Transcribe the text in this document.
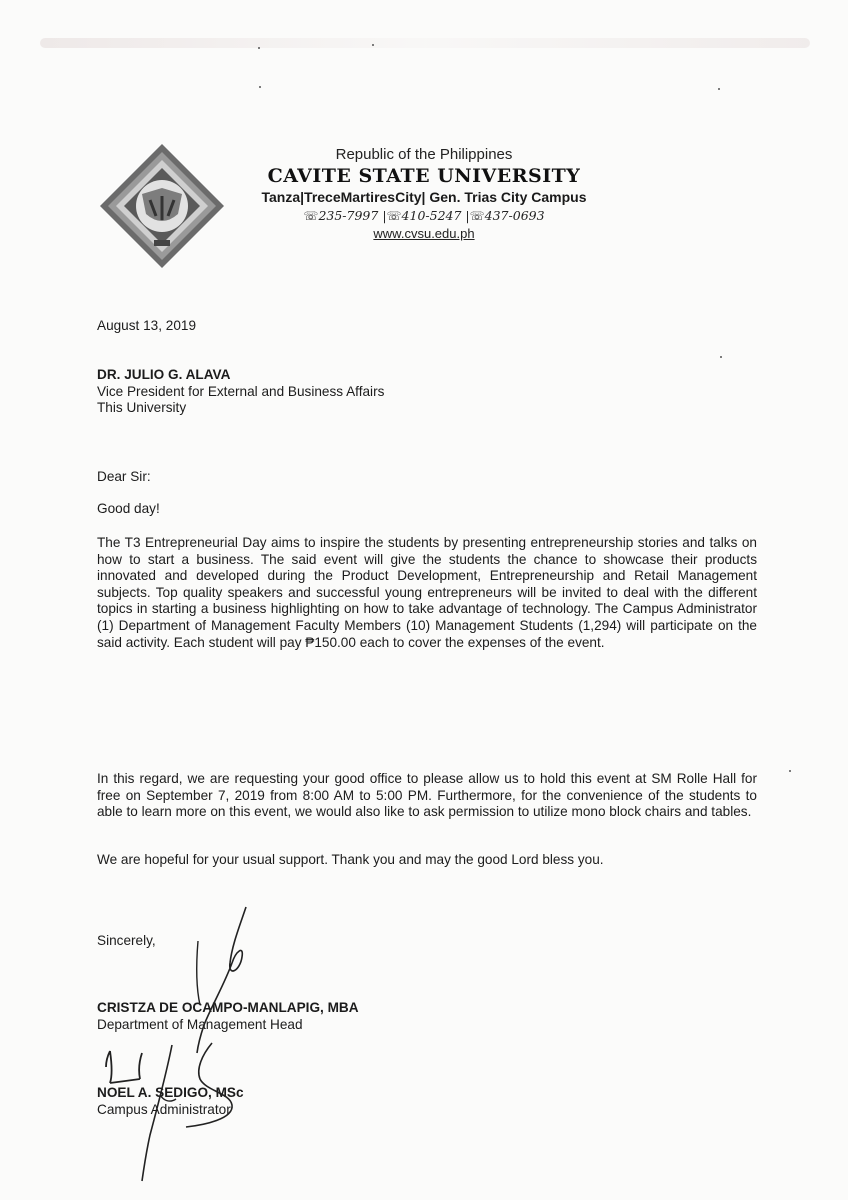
Republic of the Philippines
CAVITE STATE UNIVERSITY
Tanza|TreceMartiresCity| Gen. Trias City Campus
☏235-7997 |☏410-5247 |☏437-0693
www.cvsu.edu.ph
August 13, 2019
DR. JULIO G. ALAVA
Vice President for External and Business Affairs
This University
Dear Sir:
Good day!
The T3 Entrepreneurial Day aims to inspire the students by presenting entrepreneurship stories and talks on how to start a business. The said event will give the students the chance to showcase their products innovated and developed during the Product Development, Entrepreneurship and Retail Management subjects. Top quality speakers and successful young entrepreneurs will be invited to deal with the different topics in starting a business highlighting on how to take advantage of technology. The Campus Administrator (1) Department of Management Faculty Members (10) Management Students (1,294) will participate on the said activity. Each student will pay ₱150.00 each to cover the expenses of the event.
In this regard, we are requesting your good office to please allow us to hold this event at SM Rolle Hall for free on September 7, 2019 from 8:00 AM to 5:00 PM. Furthermore, for the convenience of the students to able to learn more on this event, we would also like to ask permission to utilize mono block chairs and tables.
We are hopeful for your usual support. Thank you and may the good Lord bless you.
Sincerely,
CRISTZA DE OCAMPO-MANLAPIG, MBA
Department of Management Head
NOEL A. SEDIGO, MSc
Campus Administrator
